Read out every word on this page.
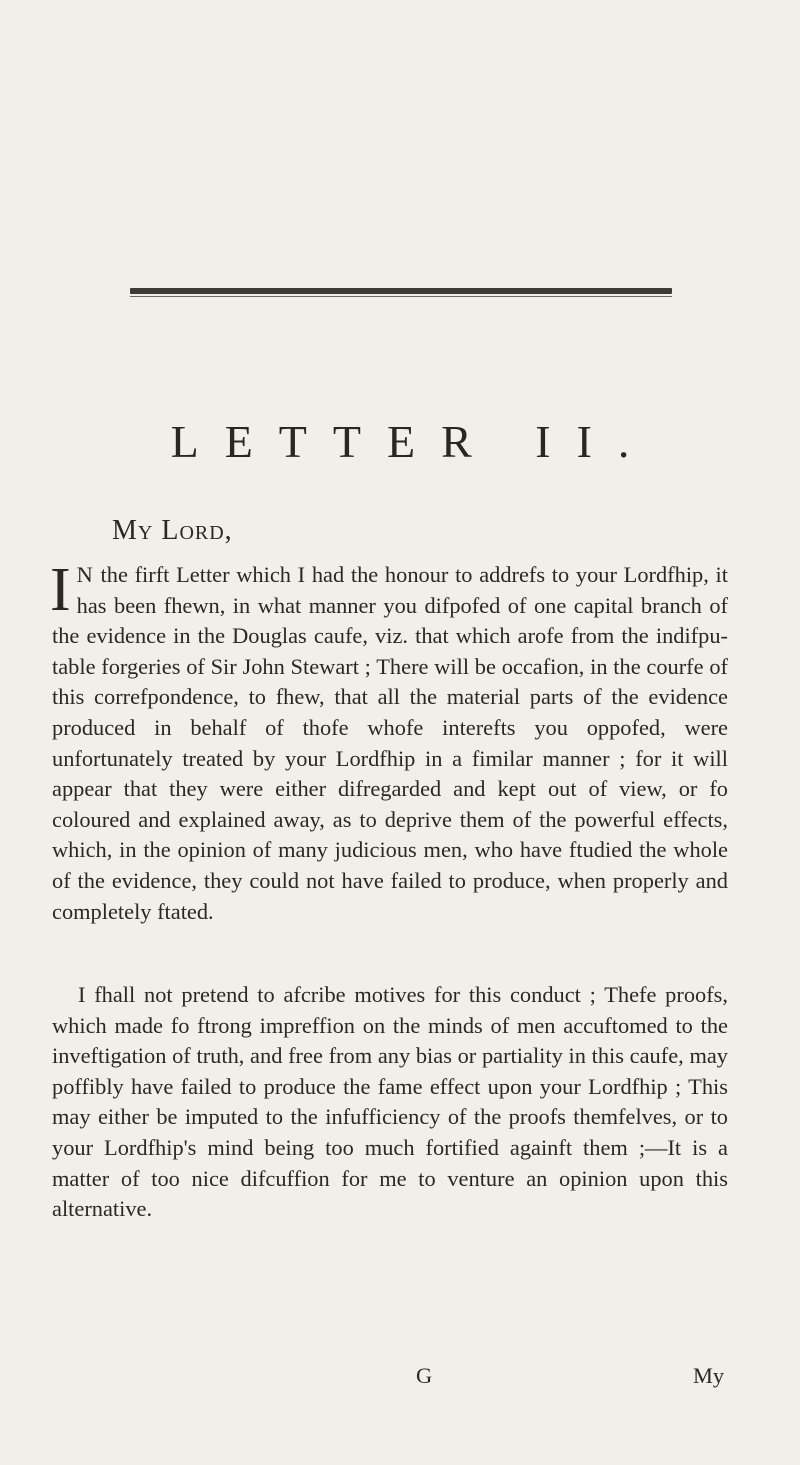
LETTER II.
My Lord,
I N the firft Letter which I had the honour to addrefs to your Lordfhip, it has been fhewn, in what manner you difpofed of one capital branch of the evidence in the Douglas caufe, viz. that which arofe from the indifputable forgeries of Sir John Stewart ; There will be occafion, in the courfe of this correfpondence, to fhew, that all the material parts of the evidence produced in behalf of thofe whofe interefts you oppofed, were unfortunately treated by your Lordfhip in a fimilar manner ; for it will appear that they were either difregarded and kept out of view, or fo coloured and explained away, as to deprive them of the powerful effects, which, in the opinion of many judicious men, who have ftudied the whole of the evidence, they could not have failed to produce, when properly and completely ftated.
I fhall not pretend to afcribe motives for this conduct ; Thefe proofs, which made fo ftrong impreffion on the minds of men accuftomed to the inveftigation of truth, and free from any bias or partiality in this caufe, may poffibly have failed to produce the fame effect upon your Lordfhip ; This may either be imputed to the infufficiency of the proofs themfelves, or to your Lordfhip's mind being too much fortified againft them ;—It is a matter of too nice difcuffion for me to venture an opinion upon this alternative.
G	My
